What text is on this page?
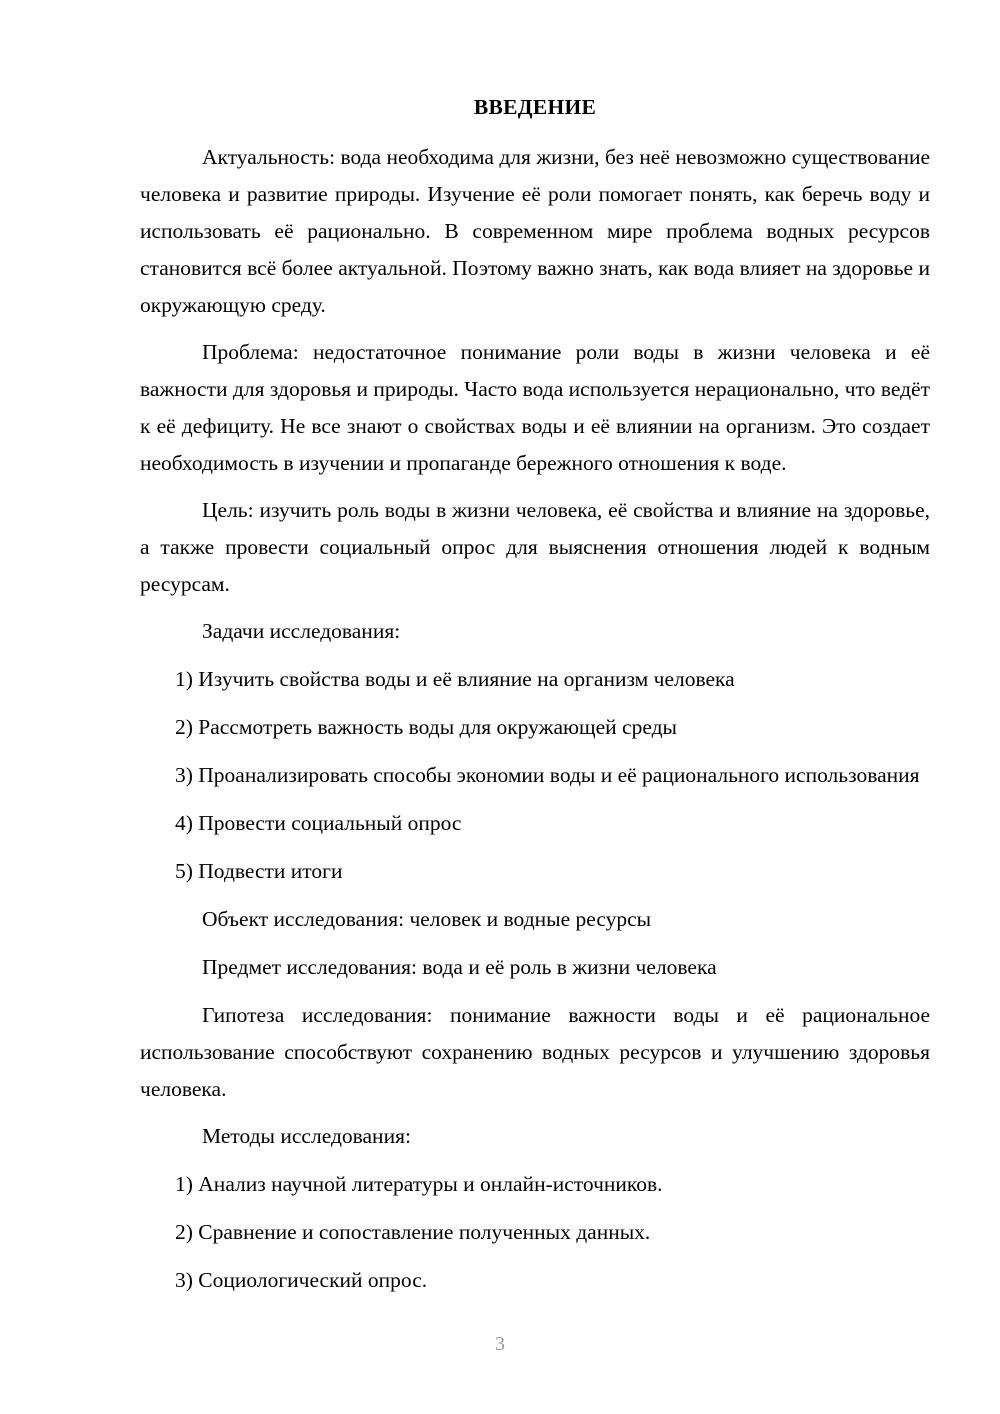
ВВЕДЕНИЕ

Актуальность: вода необходима для жизни, без неё невозможно существование человека и развитие природы. Изучение её роли помогает понять, как беречь воду и использовать её рационально. В современном мире проблема водных ресурсов становится всё более актуальной. Поэтому важно знать, как вода влияет на здоровье и окружающую среду.

Проблема: недостаточное понимание роли воды в жизни человека и её важности для здоровья и природы. Часто вода используется нерационально, что ведёт к её дефициту. Не все знают о свойствах воды и её влиянии на организм. Это создает необходимость в изучении и пропаганде бережного отношения к воде.

Цель: изучить роль воды в жизни человека, её свойства и влияние на здоровье, а также провести социальный опрос для выяснения отношения людей к водным ресурсам.

Задачи исследования:

1) Изучить свойства воды и её влияние на организм человека

2) Рассмотреть важность воды для окружающей среды

3) Проанализировать способы экономии воды и её рационального использования

4) Провести социальный опрос

5) Подвести итоги

Объект исследования: человек и водные ресурсы

Предмет исследования: вода и её роль в жизни человека

Гипотеза исследования: понимание важности воды и её рациональное использование способствуют сохранению водных ресурсов и улучшению здоровья человека.

Методы исследования:

1) Анализ научной литературы и онлайн-источников.

2) Сравнение и сопоставление полученных данных.

3) Социологический опрос.

3
